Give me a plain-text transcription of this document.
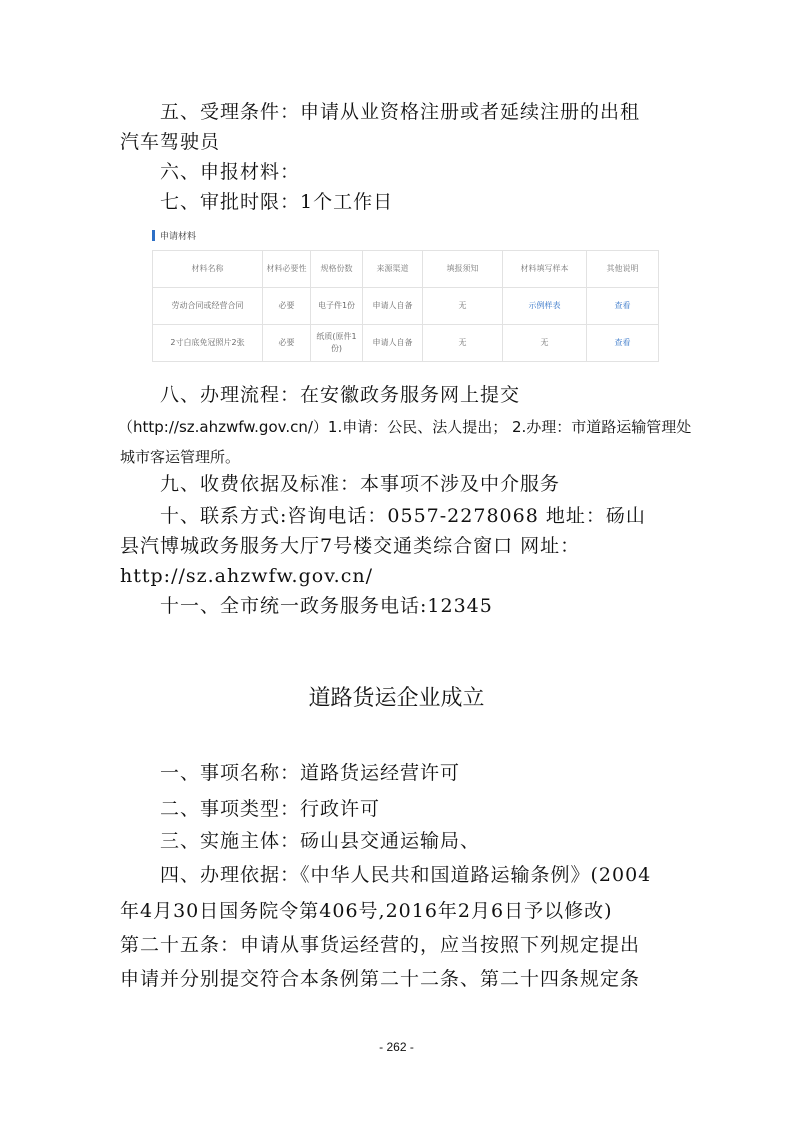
五、受理条件：申请从业资格注册或者延续注册的出租
汽车驾驶员
六、申报材料：
七、审批时限：1个工作日
申请材料
材料名称	材料必要性	规格份数	来源渠道	填报须知	材料填写样本	其他说明
劳动合同或经营合同	必要	电子件1份	申请人自备	无	示例样表	查看
2寸白底免冠照片2张	必要	纸质(原件1份)	申请人自备	无	无	查看
八、办理流程：在安徽政务服务网上提交
（http://sz.ahzwfw.gov.cn/）1.申请：公民、法人提出； 2.办理：市道路运输管理处
城市客运管理所。
九、收费依据及标准：本事项不涉及中介服务
十、联系方式:咨询电话：0557-2278068 地址：砀山
县汽博城政务服务大厅7号楼交通类综合窗口 网址：
http://sz.ahzwfw.gov.cn/
十一、全市统一政务服务电话:12345
道路货运企业成立
一、事项名称：道路货运经营许可
二、事项类型：行政许可
三、实施主体：砀山县交通运输局、
四、办理依据：《中华人民共和国道路运输条例》(2004
年4月30日国务院令第406号,2016年2月6日予以修改)
第二十五条：申请从事货运经营的，应当按照下列规定提出
申请并分别提交符合本条例第二十二条、第二十四条规定条
- 262 -
